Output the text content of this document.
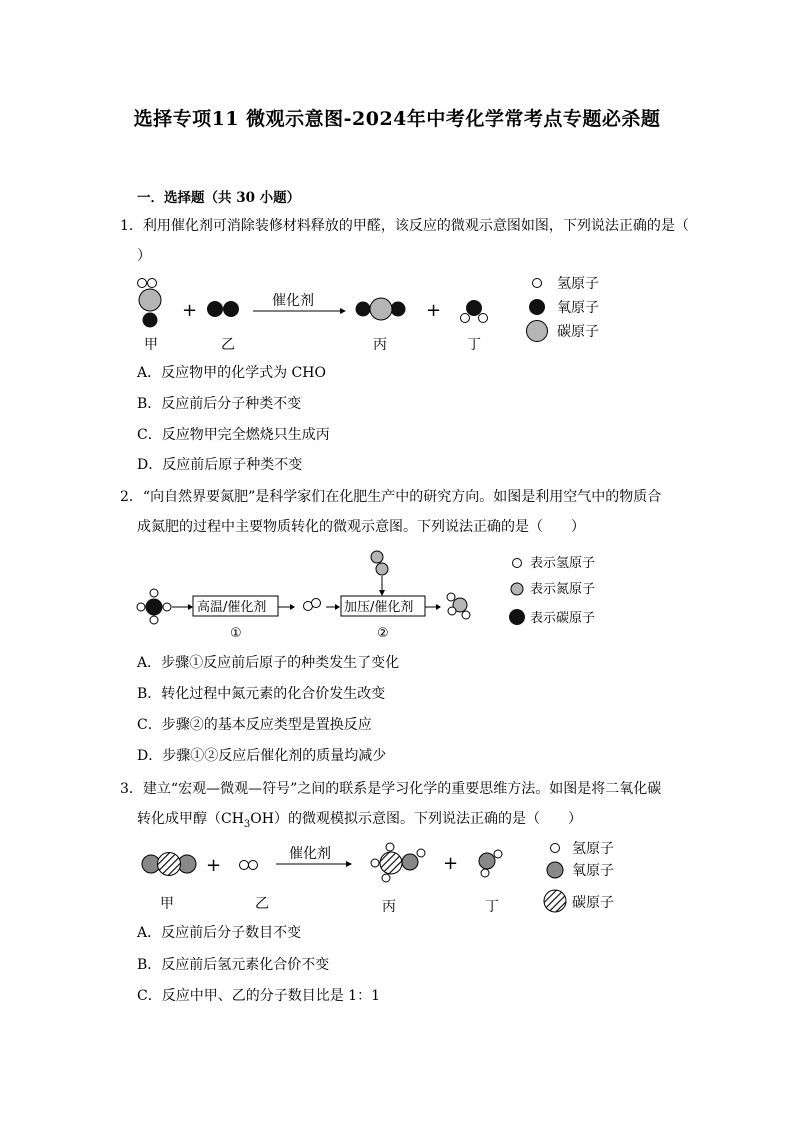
选择专项11 微观示意图-2024年中考化学常考点专题必杀题
一．选择题（共 30 小题）
1．利用催化剂可消除装修材料释放的甲醛，该反应的微观示意图如图，下列说法正确的是（
）
+	催化剂	+
甲	乙	丙	丁
氢原子
氧原子
碳原子
A．反应物甲的化学式为 CHO
B．反应前后分子种类不变
C．反应物甲完全燃烧只生成丙
D．反应前后原子种类不变
2．“向自然界要氮肥”是科学家们在化肥生产中的研究方向。如图是利用空气中的物质合
成氮肥的过程中主要物质转化的微观示意图。下列说法正确的是（　　）
高温/催化剂
①
加压/催化剂
②
表示氢原子
表示氮原子
表示碳原子
A．步骤①反应前后原子的种类发生了变化
B．转化过程中氮元素的化合价发生改变
C．步骤②的基本反应类型是置换反应
D．步骤①②反应后催化剂的质量均减少
3．建立“宏观—微观—符号”之间的联系是学习化学的重要思维方法。如图是将二氧化碳
转化成甲醇$(CH_3OH)$的微观模拟示意图。下列说法正确的是（　　）
+
催化剂	+
甲	乙	丙	丁
氢原子
氧原子
碳原子
A．反应前后分子数目不变
B．反应前后氢元素化合价不变
C．反应中甲、乙的分子数目比是 1：1
